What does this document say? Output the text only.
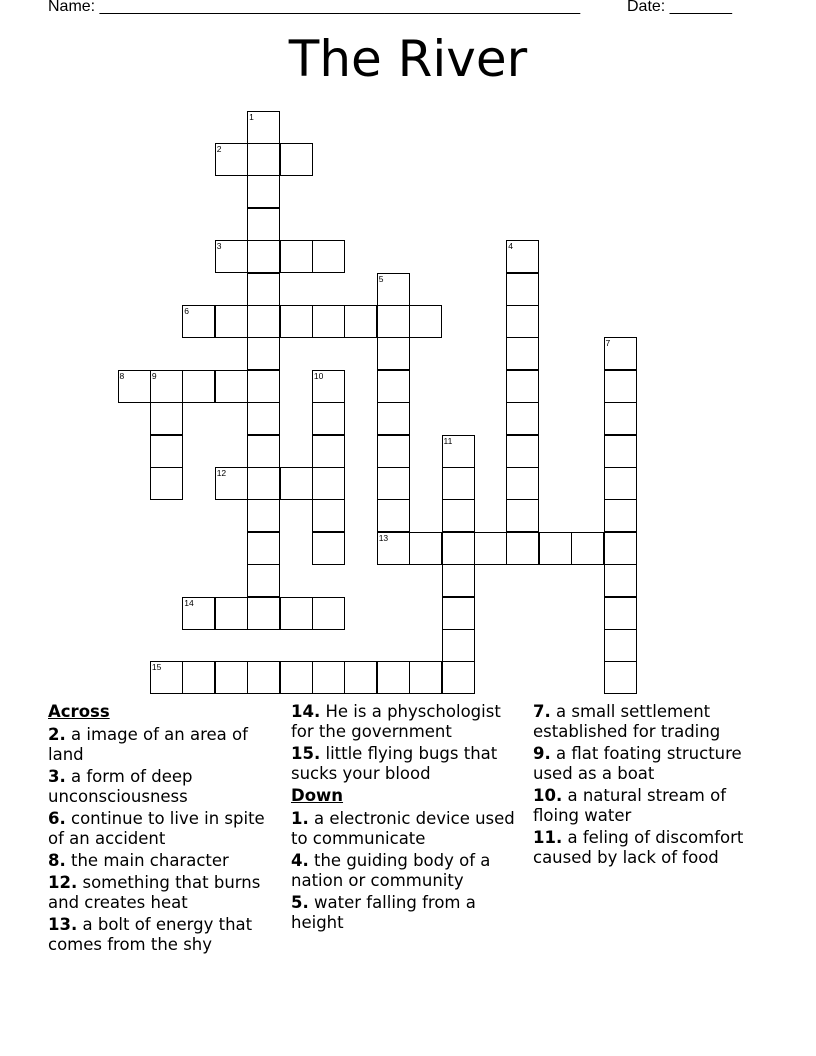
Name: ______________________________________________________	Date: _______
The River
1
2
3	4
5
13
6
7
8	9	10
11
12
14
15
Across
2. a image of an area of land
3. a form of deep unconsciousness
6. continue to live in spite of an accident
8. the main character
12. something that burns and creates heat
13. a bolt of energy that comes from the shy
14. He is a physchologist for the government
15. little flying bugs that sucks your blood
Down
1. a electronic device used to communicate
4. the guiding body of a nation or community
5. water falling from a height
7. a small settlement established for trading
9. a flat foating structure used as a boat
10. a natural stream of floing water
11. a feling of discomfort caused by lack of food
